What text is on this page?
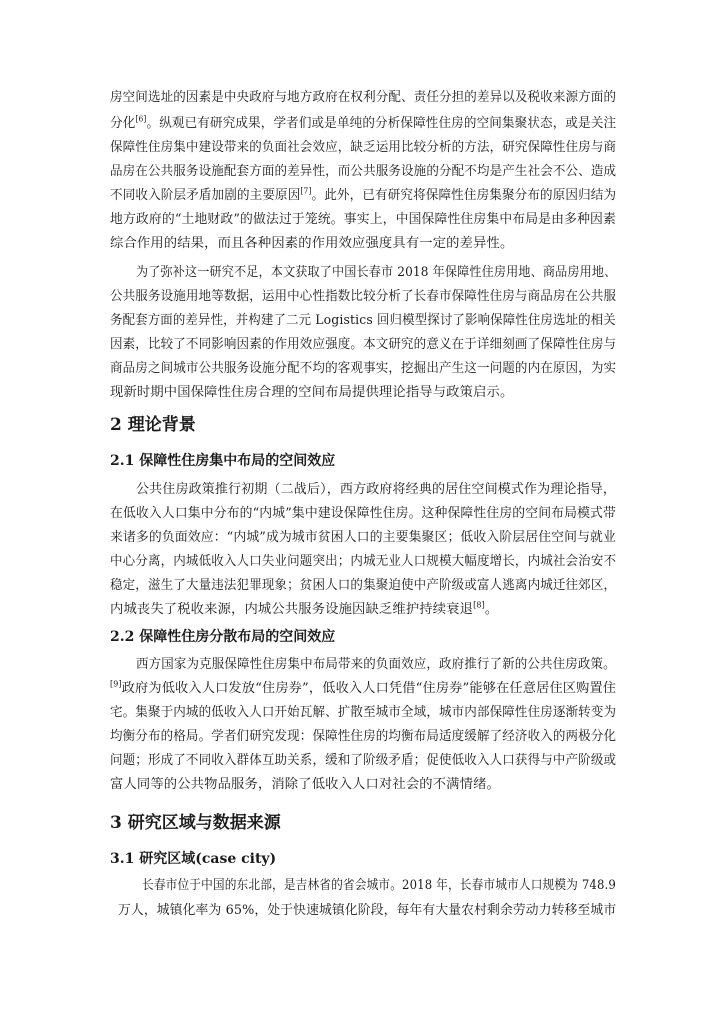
房空间选址的因素是中央政府与地方政府在权利分配、责任分担的差异以及税收来源方面的
分化[6]。纵观已有研究成果，学者们或是单纯的分析保障性住房的空间集聚状态，或是关注
保障性住房集中建设带来的负面社会效应，缺乏运用比较分析的方法，研究保障性住房与商
品房在公共服务设施配套方面的差异性，而公共服务设施的分配不均是产生社会不公、造成
不同收入阶层矛盾加剧的主要原因[7]。此外，已有研究将保障性住房集聚分布的原因归结为
地方政府的“土地财政”的做法过于笼统。事实上，中国保障性住房集中布局是由多种因素
综合作用的结果，而且各种因素的作用效应强度具有一定的差异性。
为了弥补这一研究不足，本文获取了中国长春市 2018 年保障性住房用地、商品房用地、
公共服务设施用地等数据，运用中心性指数比较分析了长春市保障性住房与商品房在公共服
务配套方面的差异性，并构建了二元 Logistics 回归模型探讨了影响保障性住房选址的相关
因素，比较了不同影响因素的作用效应强度。本文研究的意义在于详细刻画了保障性住房与
商品房之间城市公共服务设施分配不均的客观事实，挖掘出产生这一问题的内在原因，为实
现新时期中国保障性住房合理的空间布局提供理论指导与政策启示。
2 理论背景
2.1 保障性住房集中布局的空间效应
公共住房政策推行初期（二战后），西方政府将经典的居住空间模式作为理论指导，
在低收入人口集中分布的“内城”集中建设保障性住房。这种保障性住房的空间布局模式带
来诸多的负面效应：“内城”成为城市贫困人口的主要集聚区；低收入阶层居住空间与就业
中心分离，内城低收入人口失业问题突出；内城无业人口规模大幅度增长，内城社会治安不
稳定，滋生了大量违法犯罪现象；贫困人口的集聚迫使中产阶级或富人逃离内城迁往郊区，
内城丧失了税收来源，内城公共服务设施因缺乏维护持续衰退[8]。
2.2 保障性住房分散布局的空间效应
西方国家为克服保障性住房集中布局带来的负面效应，政府推行了新的公共住房政策。
[9]政府为低收入人口发放“住房券”，低收入人口凭借“住房券”能够在任意居住区购置住
宅。集聚于内城的低收入人口开始瓦解、扩散至城市全域，城市内部保障性住房逐渐转变为
均衡分布的格局。学者们研究发现：保障性住房的均衡布局适度缓解了经济收入的两极分化
问题；形成了不同收入群体互助关系，缓和了阶级矛盾；促使低收入人口获得与中产阶级或
富人同等的公共物品服务，消除了低收入人口对社会的不满情绪。
3 研究区域与数据来源
3.1 研究区域(case city)
长春市位于中国的东北部，是吉林省的省会城市。2018 年，长春市城市人口规模为 748.9
万人，城镇化率为 65%，处于快速城镇化阶段，每年有大量农村剩余劳动力转移至城市
